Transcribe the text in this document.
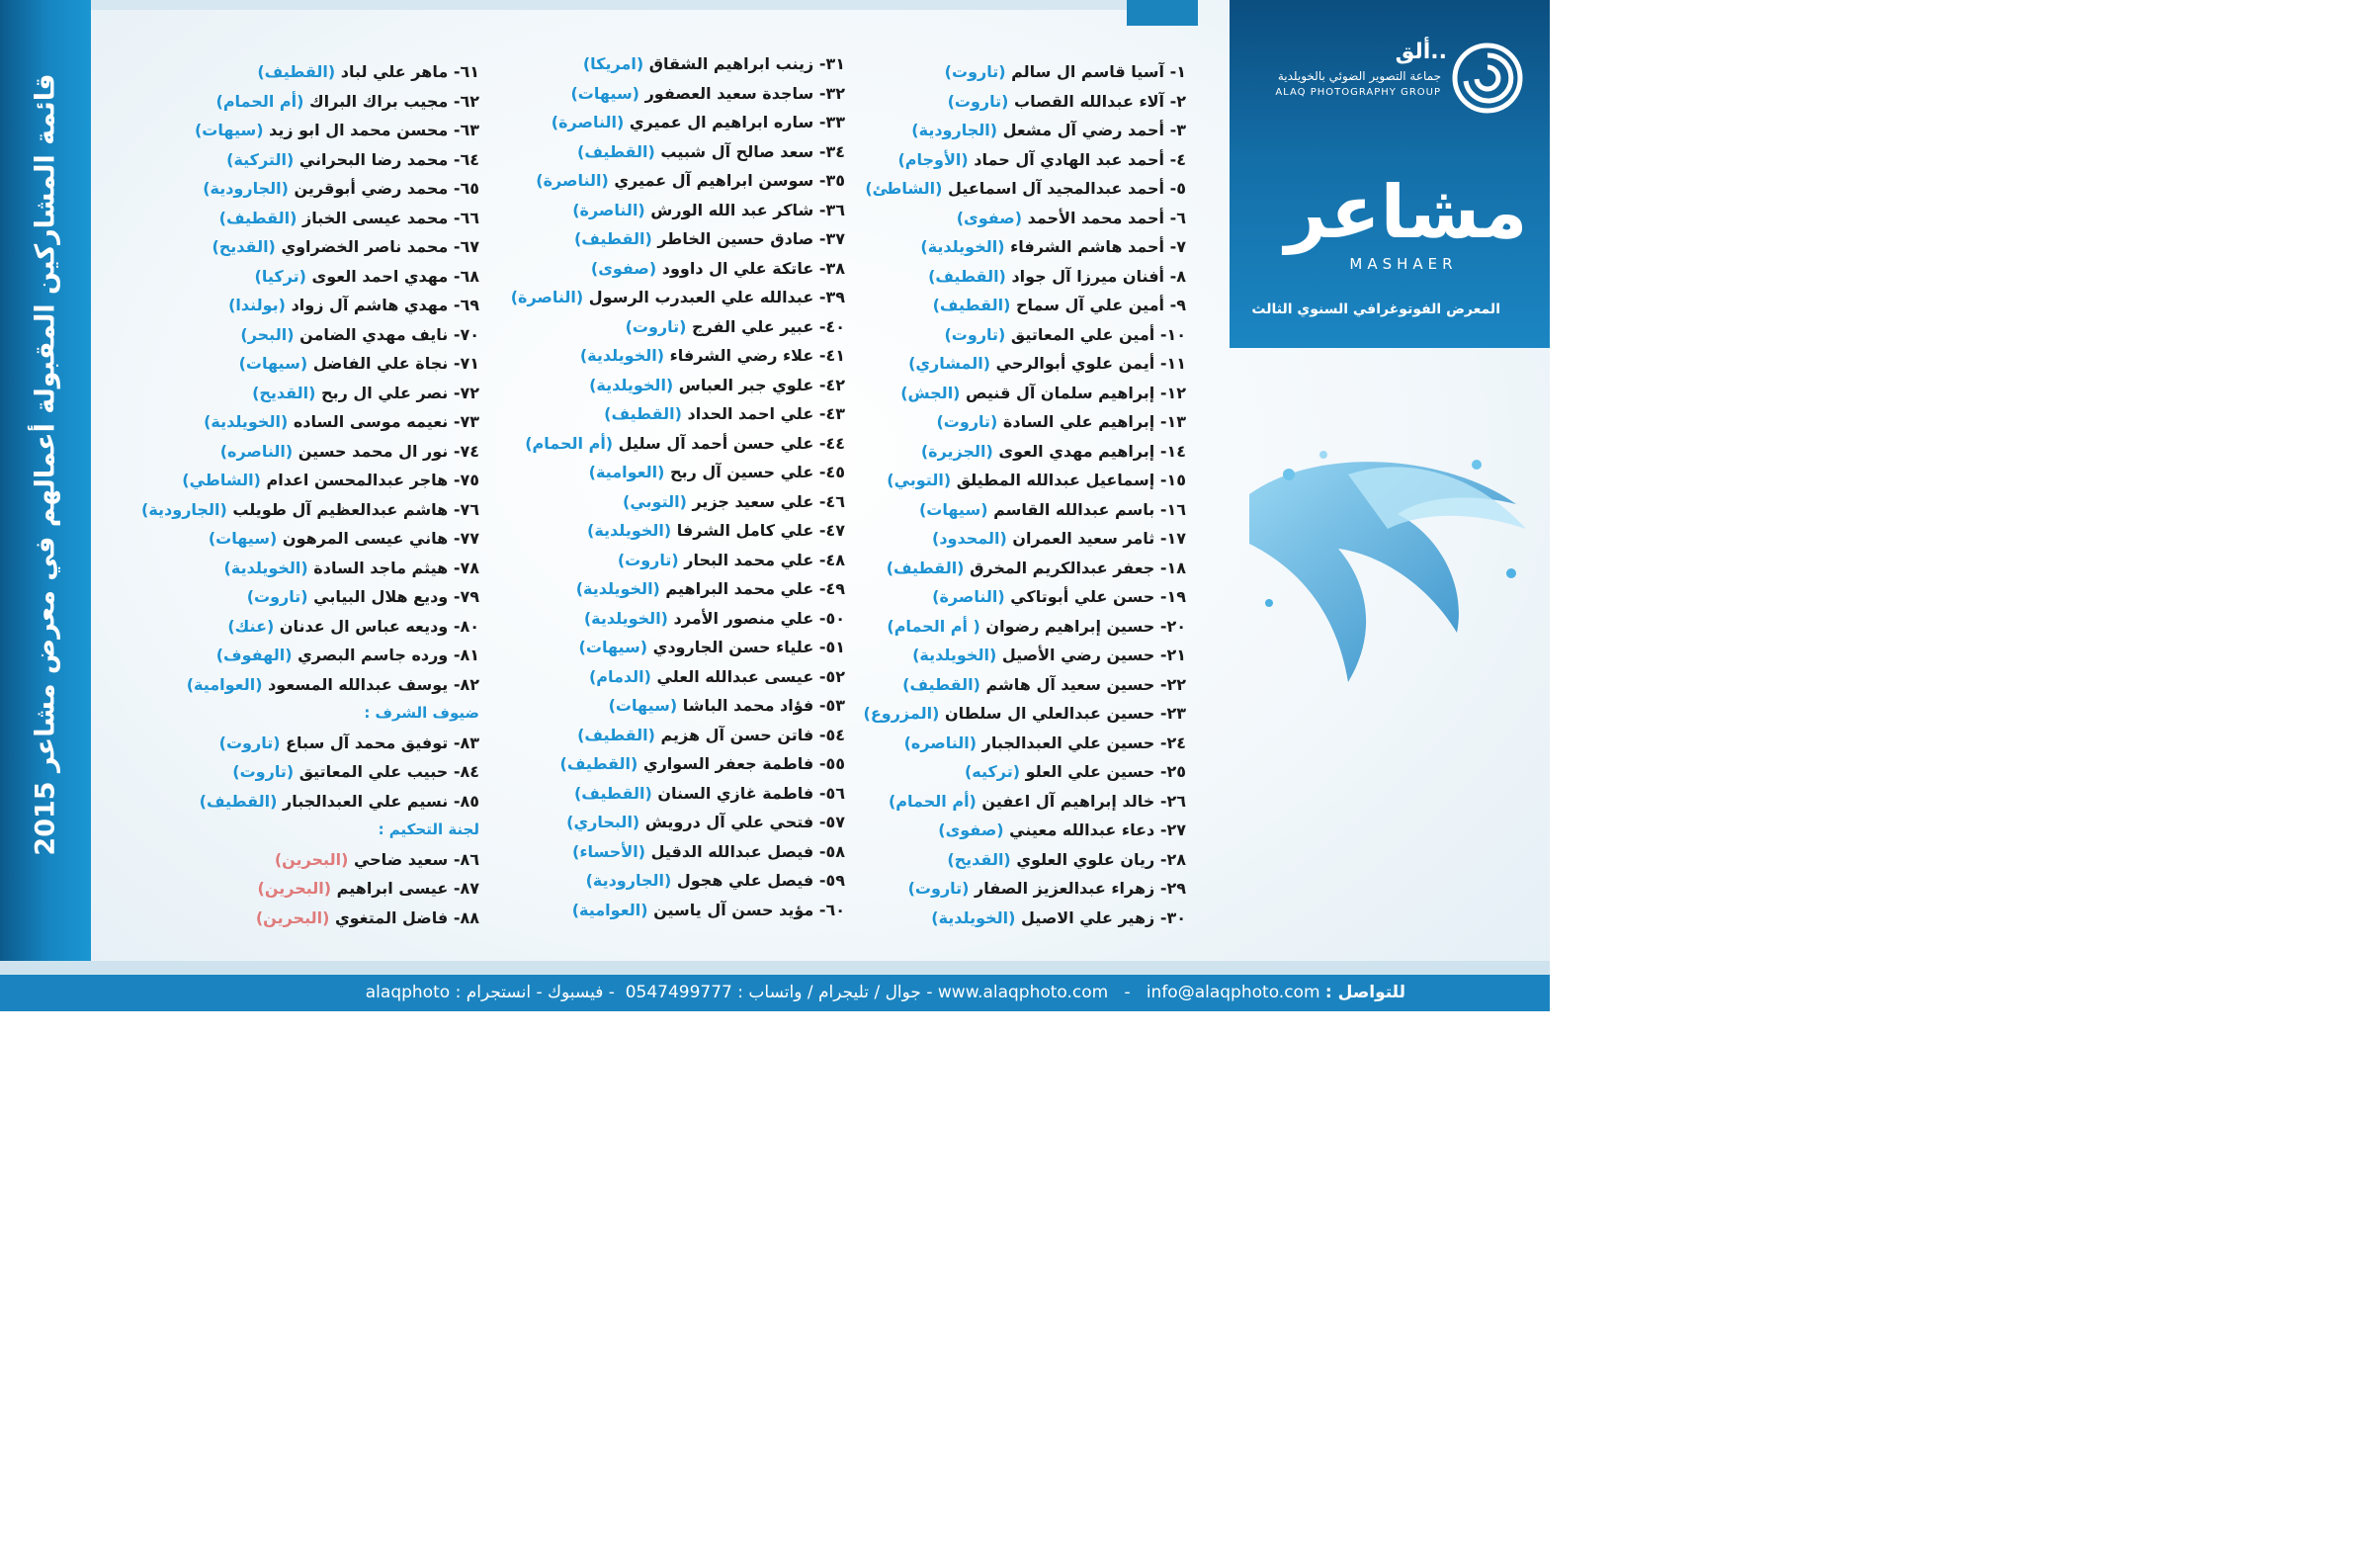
قائمة المشاركين المقبولة أعمالهم في معرض مشاعر 2015
ألق..
جماعة التصوير الضوئي بالخويلدية
ALAQ PHOTOGRAPHY GROUP
مشاعر
MASHAER
المعرض الفوتوغرافي السنوي الثالث
١- آسيا قاسم ال سالم (تاروت)
٢- آلاء عبدالله القصاب (تاروت)
٣- أحمد رضي آل مشعل (الجارودية)
٤- أحمد عبد الهادي آل حماد (الأوجام)
٥- أحمد عبدالمجيد آل اسماعيل (الشاطئ)
٦- أحمد محمد الأحمد (صفوى)
٧- أحمد هاشم الشرفاء (الخويلدية)
٨- أفنان ميرزا آل جواد (القطيف)
٩- أمين علي آل سماح (القطيف)
١٠- أمين علي المعاتيق (تاروت)
١١- أيمن علوي أبوالرحي (المشاري)
١٢- إبراهيم سلمان آل قنيص (الجش)
١٣- إبراهيم علي السادة (تاروت)
١٤- إبراهيم مهدي العوى (الجزيرة)
١٥- إسماعيل عبدالله المطيلق (التوبي)
١٦- باسم عبدالله القاسم (سيهات)
١٧- ثامر سعيد العمران (المحدود)
١٨- جعفر عبدالكريم المخرق (القطيف)
١٩- حسن علي أبوتاكي (الناصرة)
٢٠- حسين إبراهيم رضوان ( أم الحمام)
٢١- حسين رضي الأصيل (الخويلدية)
٢٢- حسين سعيد آل هاشم (القطيف)
٢٣- حسين عبدالعلي ال سلطان (المزروع)
٢٤- حسين علي العبدالجبار (الناصره)
٢٥- حسين علي العلو (تركيه)
٢٦- خالد إبراهيم آل اعفين (أم الحمام)
٢٧- دعاء عبدالله معيني (صفوى)
٢٨- ريان علوي العلوي (القديح)
٢٩- زهراء عبدالعزيز الصفار (تاروت)
٣٠- زهير علي الاصيل (الخويلدية)
٣١- زينب ابراهيم الشقاق (امريكا)
٣٢- ساجدة سعيد العصفور (سيهات)
٣٣- ساره ابراهيم ال عميري (الناصرة)
٣٤- سعد صالح آل شبيب (القطيف)
٣٥- سوسن ابراهيم آل عميري (الناصرة)
٣٦- شاكر عبد الله الورش (الناصرة)
٣٧- صادق حسين الخاطر (القطيف)
٣٨- عاتكة علي ال داوود (صفوى)
٣٩- عبدالله علي العبدرب الرسول (الناصرة)
٤٠- عبير علي الفرج (تاروت)
٤١- علاء رضي الشرفاء (الخويلدية)
٤٢- علوي جبر العباس (الخويلدية)
٤٣- علي احمد الحداد (القطيف)
٤٤- علي حسن أحمد آل سليل (أم الحمام)
٤٥- علي حسين آل ربح (العوامية)
٤٦- علي سعيد جزير (التوبي)
٤٧- علي كامل الشرفا (الخويلدية)
٤٨- علي محمد البحار (تاروت)
٤٩- علي محمد البراهيم (الخويلدية)
٥٠- علي منصور الأمرد (الخويلدية)
٥١- علياء حسن الجارودي (سيهات)
٥٢- عيسى عبدالله العلي (الدمام)
٥٣- فؤاد محمد الباشا (سيهات)
٥٤- فاتن حسن آل هزيم (القطيف)
٥٥- فاطمة جعفر السواري (القطيف)
٥٦- فاطمة غازي السنان (القطيف)
٥٧- فتحي علي آل درويش (البحاري)
٥٨- فيصل عبدالله الدقيل (الأحساء)
٥٩- فيصل علي هجول (الجارودية)
٦٠- مؤيد حسن آل ياسين (العوامية)
٦١- ماهر علي لباد (القطيف)
٦٢- مجيب براك البراك (أم الحمام)
٦٣- محسن محمد ال ابو زيد (سيهات)
٦٤- محمد رضا البحراني (التركية)
٦٥- محمد رضي أبوقرين (الجارودية)
٦٦- محمد عيسى الخباز (القطيف)
٦٧- محمد ناصر الخضراوي (القديح)
٦٨- مهدي احمد العوى (تركيا)
٦٩- مهدي هاشم آل زواد (بولندا)
٧٠- نايف مهدي الضامن (البحر)
٧١- نجاة علي الفاضل (سيهات)
٧٢- نصر علي ال ربح (القديح)
٧٣- نعيمه موسى الساده (الخويلدية)
٧٤- نور ال محمد حسين (الناصره)
٧٥- هاجر عبدالمحسن اعدام (الشاطي)
٧٦- هاشم عبدالعظيم آل طويلب (الجارودية)
٧٧- هاني عيسى المرهون (سيهات)
٧٨- هيثم ماجد السادة (الخويلدية)
٧٩- وديع هلال البيابي (تاروت)
٨٠- وديعه عباس ال عدنان (عنك)
٨١- ورده جاسم البصري (الهفوف)
٨٢- يوسف عبدالله المسعود (العوامية)
ضيوف الشرف :
٨٣- توفيق محمد آل سباع (تاروت)
٨٤- حبيب علي المعاتيق (تاروت)
٨٥- نسيم علي العبدالجبار (القطيف)
لجنة التحكيم :
٨٦- سعيد ضاحي (البحرين)
٨٧- عيسى ابراهيم (البحرين)
٨٨- فاضل المتغوي (البحرين)
للتواصل : www.alaqphoto.com - info@alaqphoto.com - جوال / تليجرام / واتساب : 0547499777  - فيسبوك - انستجرام : alaqphoto
